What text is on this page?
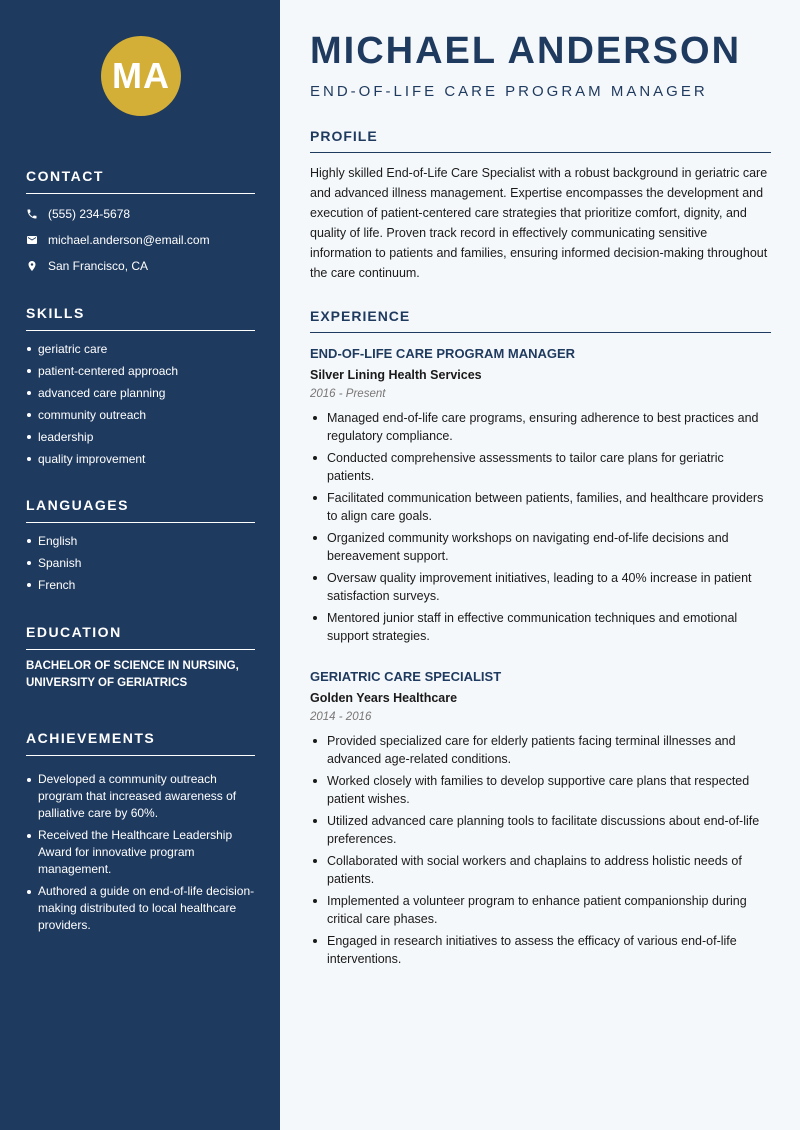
MA
CONTACT
(555) 234-5678
michael.anderson@email.com
San Francisco, CA
SKILLS
geriatric care
patient-centered approach
advanced care planning
community outreach
leadership
quality improvement
LANGUAGES
English
Spanish
French
EDUCATION
BACHELOR OF SCIENCE IN NURSING, UNIVERSITY OF GERIATRICS
ACHIEVEMENTS
Developed a community outreach program that increased awareness of palliative care by 60%.
Received the Healthcare Leadership Award for innovative program management.
Authored a guide on end-of-life decision-making distributed to local healthcare providers.
MICHAEL ANDERSON
END-OF-LIFE CARE PROGRAM MANAGER
PROFILE
Highly skilled End-of-Life Care Specialist with a robust background in geriatric care and advanced illness management. Expertise encompasses the development and execution of patient-centered care strategies that prioritize comfort, dignity, and quality of life. Proven track record in effectively communicating sensitive information to patients and families, ensuring informed decision-making throughout the care continuum.
EXPERIENCE
END-OF-LIFE CARE PROGRAM MANAGER
Silver Lining Health Services
2016 - Present
Managed end-of-life care programs, ensuring adherence to best practices and regulatory compliance.
Conducted comprehensive assessments to tailor care plans for geriatric patients.
Facilitated communication between patients, families, and healthcare providers to align care goals.
Organized community workshops on navigating end-of-life decisions and bereavement support.
Oversaw quality improvement initiatives, leading to a 40% increase in patient satisfaction surveys.
Mentored junior staff in effective communication techniques and emotional support strategies.
GERIATRIC CARE SPECIALIST
Golden Years Healthcare
2014 - 2016
Provided specialized care for elderly patients facing terminal illnesses and advanced age-related conditions.
Worked closely with families to develop supportive care plans that respected patient wishes.
Utilized advanced care planning tools to facilitate discussions about end-of-life preferences.
Collaborated with social workers and chaplains to address holistic needs of patients.
Implemented a volunteer program to enhance patient companionship during critical care phases.
Engaged in research initiatives to assess the efficacy of various end-of-life interventions.
